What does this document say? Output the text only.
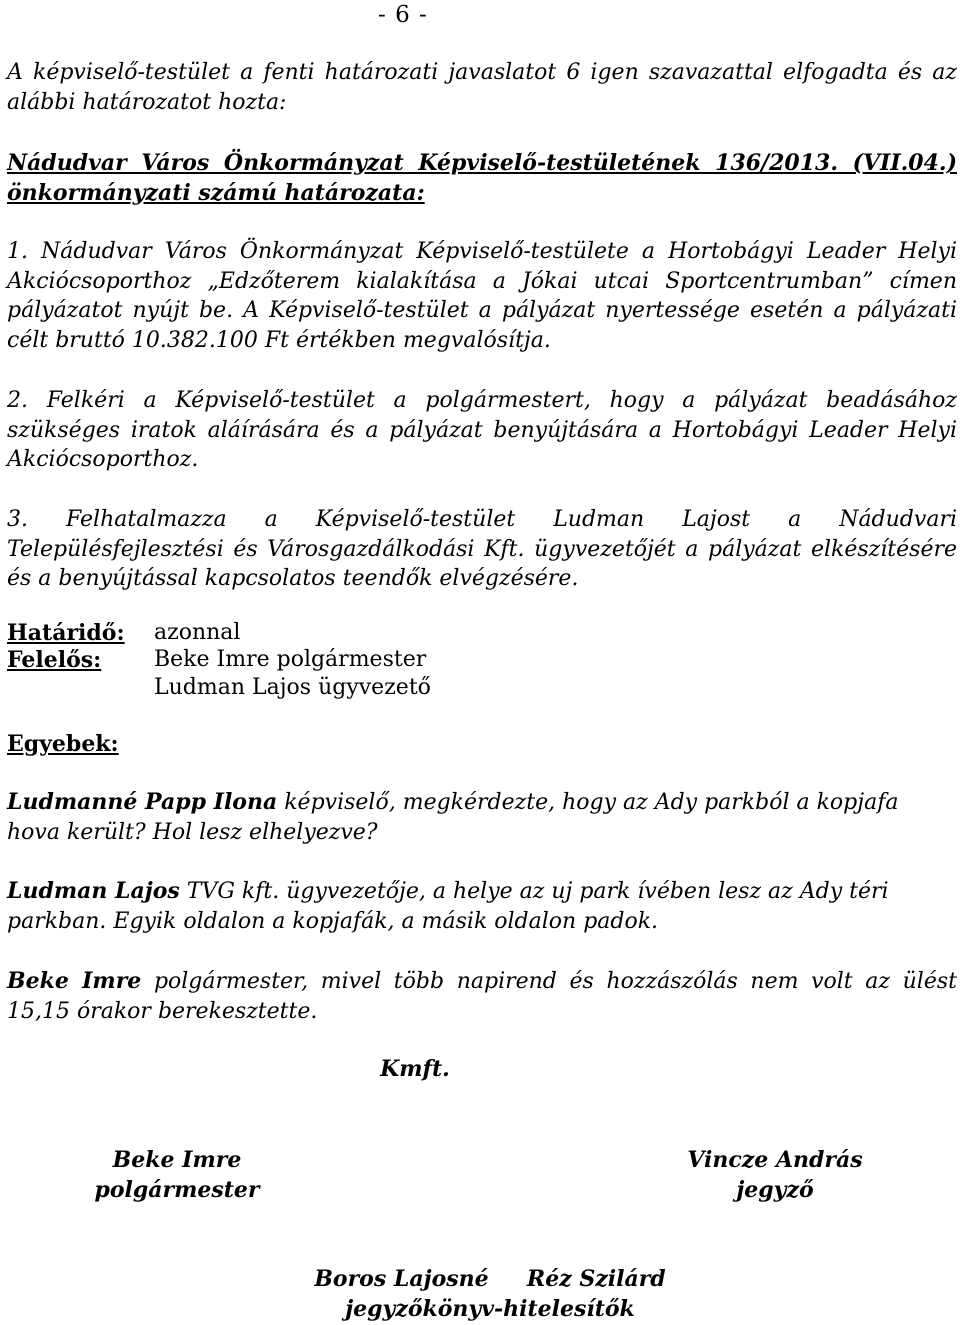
- 6 -
A képviselő-testület a fenti határozati javaslatot 6 igen szavazattal elfogadta és az alábbi határozatot hozta:
Nádudvar Város Önkormányzat Képviselő-testületének 136/2013. (VII.04.) önkormányzati számú határozata:
1. Nádudvar Város Önkormányzat Képviselő-testülete a Hortobágyi Leader Helyi Akciócsoporthoz „Edzőterem kialakítása a Jókai utcai Sportcentrumban” címen pályázatot nyújt be. A Képviselő-testület a pályázat nyertessége esetén a pályázati célt bruttó 10.382.100 Ft értékben megvalósítja.
2. Felkéri a Képviselő-testület a polgármestert, hogy a pályázat beadásához szükséges iratok aláírására és a pályázat benyújtására a Hortobágyi Leader Helyi Akciócsoporthoz.
3. Felhatalmazza a Képviselő-testület Ludman Lajost a Nádudvari Településfejlesztési és Városgazdálkodási Kft. ügyvezetőjét a pályázat elkészítésére és a benyújtással kapcsolatos teendők elvégzésére.
Határidő: azonnal
Felelős: Beke Imre polgármester
Ludman Lajos ügyvezető
Egyebek:
Ludmanné Papp Ilona képviselő, megkérdezte, hogy az Ady parkból a kopjafa hova került? Hol lesz elhelyezve?
Ludman Lajos TVG kft. ügyvezetője, a helye az uj park ívében lesz az Ady téri parkban. Egyik oldalon a kopjafák, a másik oldalon padok.
Beke Imre polgármester, mivel több napirend és hozzászólás nem volt az ülést 15,15 órakor berekesztette.
Kmft.
Beke Imre
polgármester
Vincze András
jegyző
Boros Lajosné     Réz Szilárd
jegyzőkönyv-hitelesítők
